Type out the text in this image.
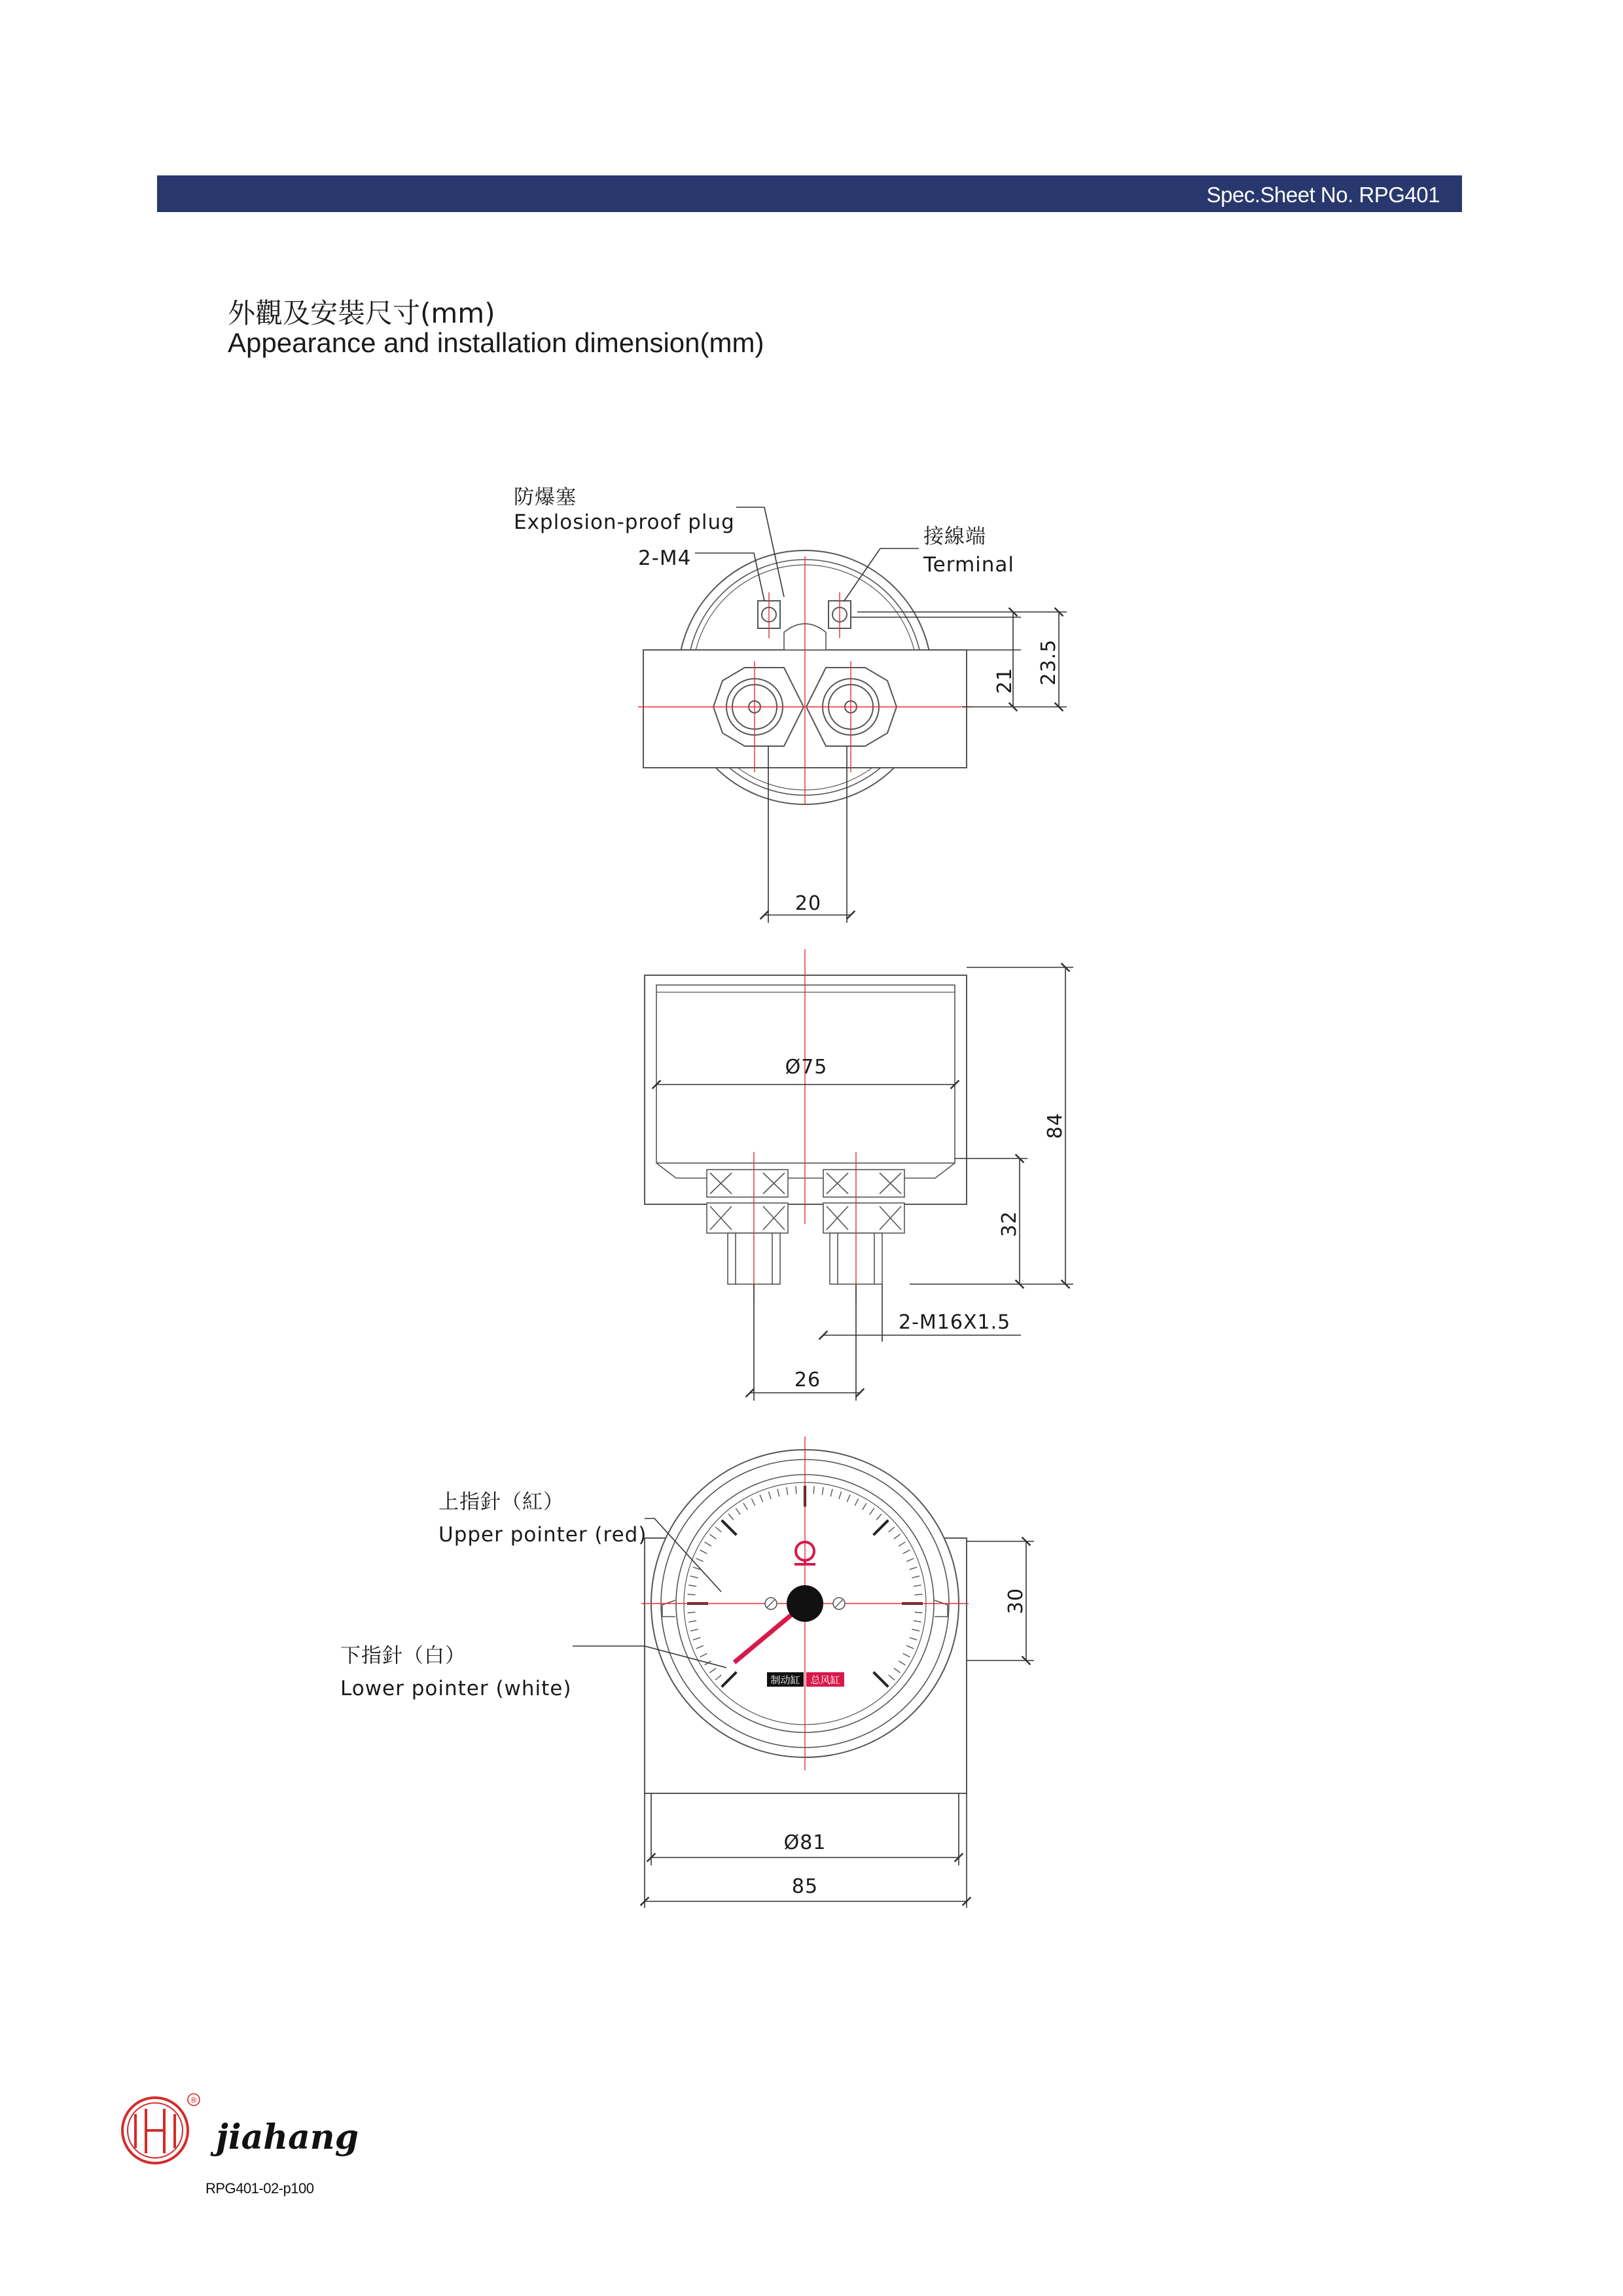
Spec.Sheet No. RPG401
外觀及安裝尺寸(mm)
Appearance and installation dimension(mm)
防爆塞
Explosion-proof plug
2-M4
接線端
Terminal
21 23.5
20
Ø75
84
32
2-M16X1.5
26
制动缸 总风缸
上指針（紅）
Upper pointer (red)
下指針（白）
Lower pointer (white)
30
Ø81
85
®
jiahang
RPG401-02-p100
